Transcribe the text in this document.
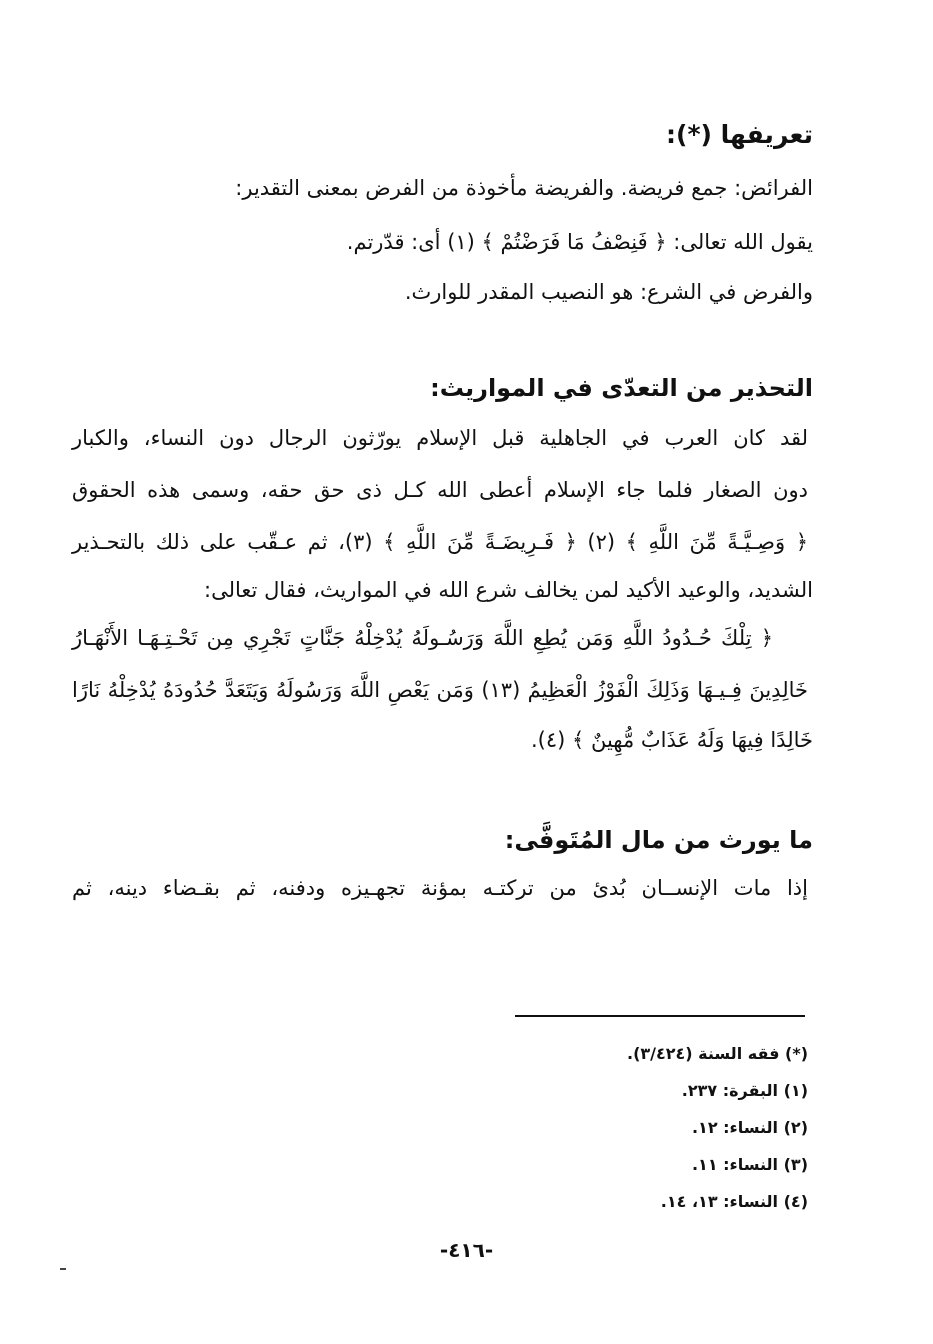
تعريفها (*):
الفرائض: جمع فريضة. والفريضة مأخوذة من الفرض بمعنى التقدير:
يقول الله تعالى: ﴿ فَنِصْفُ مَا فَرَضْتُمْ ﴾ (١) أى: قدّرتم.
والفرض في الشرع: هو النصيب المقدر للوارث.
التحذير من التعدّى في المواريث:
لقد كان العرب في الجاهلية قبل الإسلام يورّثون الرجال دون النساء، والكبار
دون الصغار فلما جاء الإسلام أعطى الله كـل ذى حق حقه، وسمى هذه الحقوق
﴿ وَصِـيَّـةً مِّنَ اللَّهِ ﴾ (٢) ﴿ فَـرِيضَـةً مِّنَ اللَّهِ ﴾ (٣)، ثم عـقّب على ذلك بالتحـذير
الشديد، والوعيد الأكيد لمن يخالف شرع الله في المواريث، فقال تعالى:
﴿ تِلْكَ حُـدُودُ اللَّهِ وَمَن يُطِعِ اللَّهَ وَرَسُـولَهُ يُدْخِلْهُ جَنَّاتٍ تَجْرِي مِن تَحْـتِـهَـا الأَنْهَـارُ
خَالِدِينَ فِـيـهَا وَذَلِكَ الْفَوْزُ الْعَظِيمُ (١٣) وَمَن يَعْصِ اللَّهَ وَرَسُولَهُ وَيَتَعَدَّ حُدُودَهُ يُدْخِلْهُ نَارًا
خَالِدًا فِيهَا وَلَهُ عَذَابٌ مُّهِينٌ ﴾ (٤).
ما يورث من مال المُتَوفَّى:
إذا مات الإنســان بُدئ من تركتـه بمؤنة تجهـيزه ودفنه، ثم بقـضاء دينه، ثم
(*) فقه السنة (٣/٤٢٤).
(١) البقرة: ٢٣٧.
(٢) النساء: ١٢.
(٣) النساء: ١١.
(٤) النساء: ١٣، ١٤.
-٤١٦-
